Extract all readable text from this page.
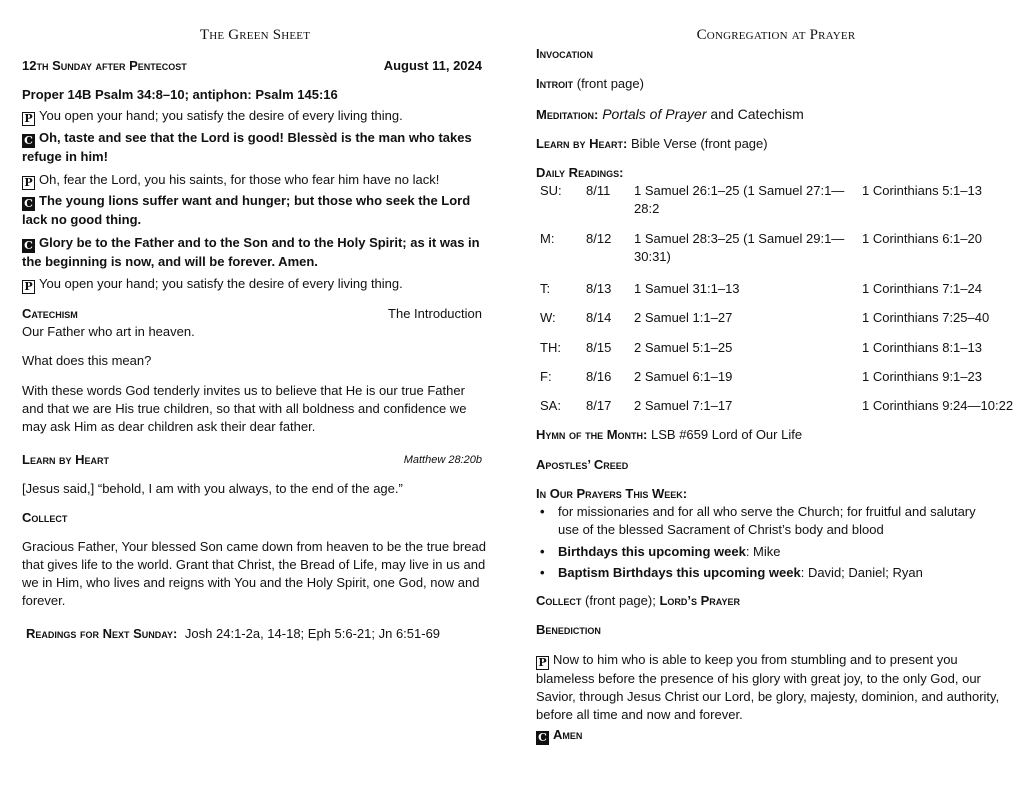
The Green Sheet
12th Sunday after Pentecost	August 11, 2024
Proper 14B Psalm 34:8–10; antiphon: Psalm 145:16
P You open your hand; you satisfy the desire of every living thing.
C Oh, taste and see that the Lord is good! Blessèd is the man who takes refuge in him!
P Oh, fear the Lord, you his saints, for those who fear him have no lack!
C The young lions suffer want and hunger; but those who seek the Lord lack no good thing.
C Glory be to the Father and to the Son and to the Holy Spirit; as it was in the beginning is now, and will be forever. Amen.
P You open your hand; you satisfy the desire of every living thing.
Catechism	The Introduction
Our Father who art in heaven.
What does this mean?
With these words God tenderly invites us to believe that He is our true Father and that we are His true children, so that with all boldness and confidence we may ask Him as dear children ask their dear father.
Learn by Heart	Matthew 28:20b
[Jesus said,] “behold, I am with you always, to the end of the age.”
Collect
Gracious Father, Your blessed Son came down from heaven to be the true bread that gives life to the world. Grant that Christ, the Bread of Life, may live in us and we in Him, who lives and reigns with You and the Holy Spirit, one God, now and forever.
Readings for Next Sunday: Josh 24:1-2a, 14-18; Eph 5:6-21; Jn 6:51-69
Congregation at Prayer
Invocation
Introit (front page)
Meditation: Portals of Prayer and Catechism
Learn by Heart: Bible Verse (front page)
Daily Readings:
SU:	8/11	1 Samuel 26:1–25 (1 Samuel 27:1—28:2	1 Corinthians 5:1–13
M:	8/12	1 Samuel 28:3–25 (1 Samuel 29:1—30:31)	1 Corinthians 6:1–20
T:	8/13	1 Samuel 31:1–13	1 Corinthians 7:1–24
W:	8/14	2 Samuel 1:1–27	1 Corinthians 7:25–40
TH:	8/15	2 Samuel 5:1–25	1 Corinthians 8:1–13
F:	8/16	2 Samuel 6:1–19	1 Corinthians 9:1–23
SA:	8/17	2 Samuel 7:1–17	1 Corinthians 9:24—10:22
Hymn of the Month: LSB #659 Lord of Our Life
Apostles’ Creed
In Our Prayers This Week:
• for missionaries and for all who serve the Church; for fruitful and salutary use of the blessed Sacrament of Christ’s body and blood
• Birthdays this upcoming week: Mike
• Baptism Birthdays this upcoming week: David; Daniel; Ryan
Collect (front page); Lord’s Prayer
Benediction
P Now to him who is able to keep you from stumbling and to present you blameless before the presence of his glory with great joy, to the only God, our Savior, through Jesus Christ our Lord, be glory, majesty, dominion, and authority, before all time and now and forever.
C Amen
